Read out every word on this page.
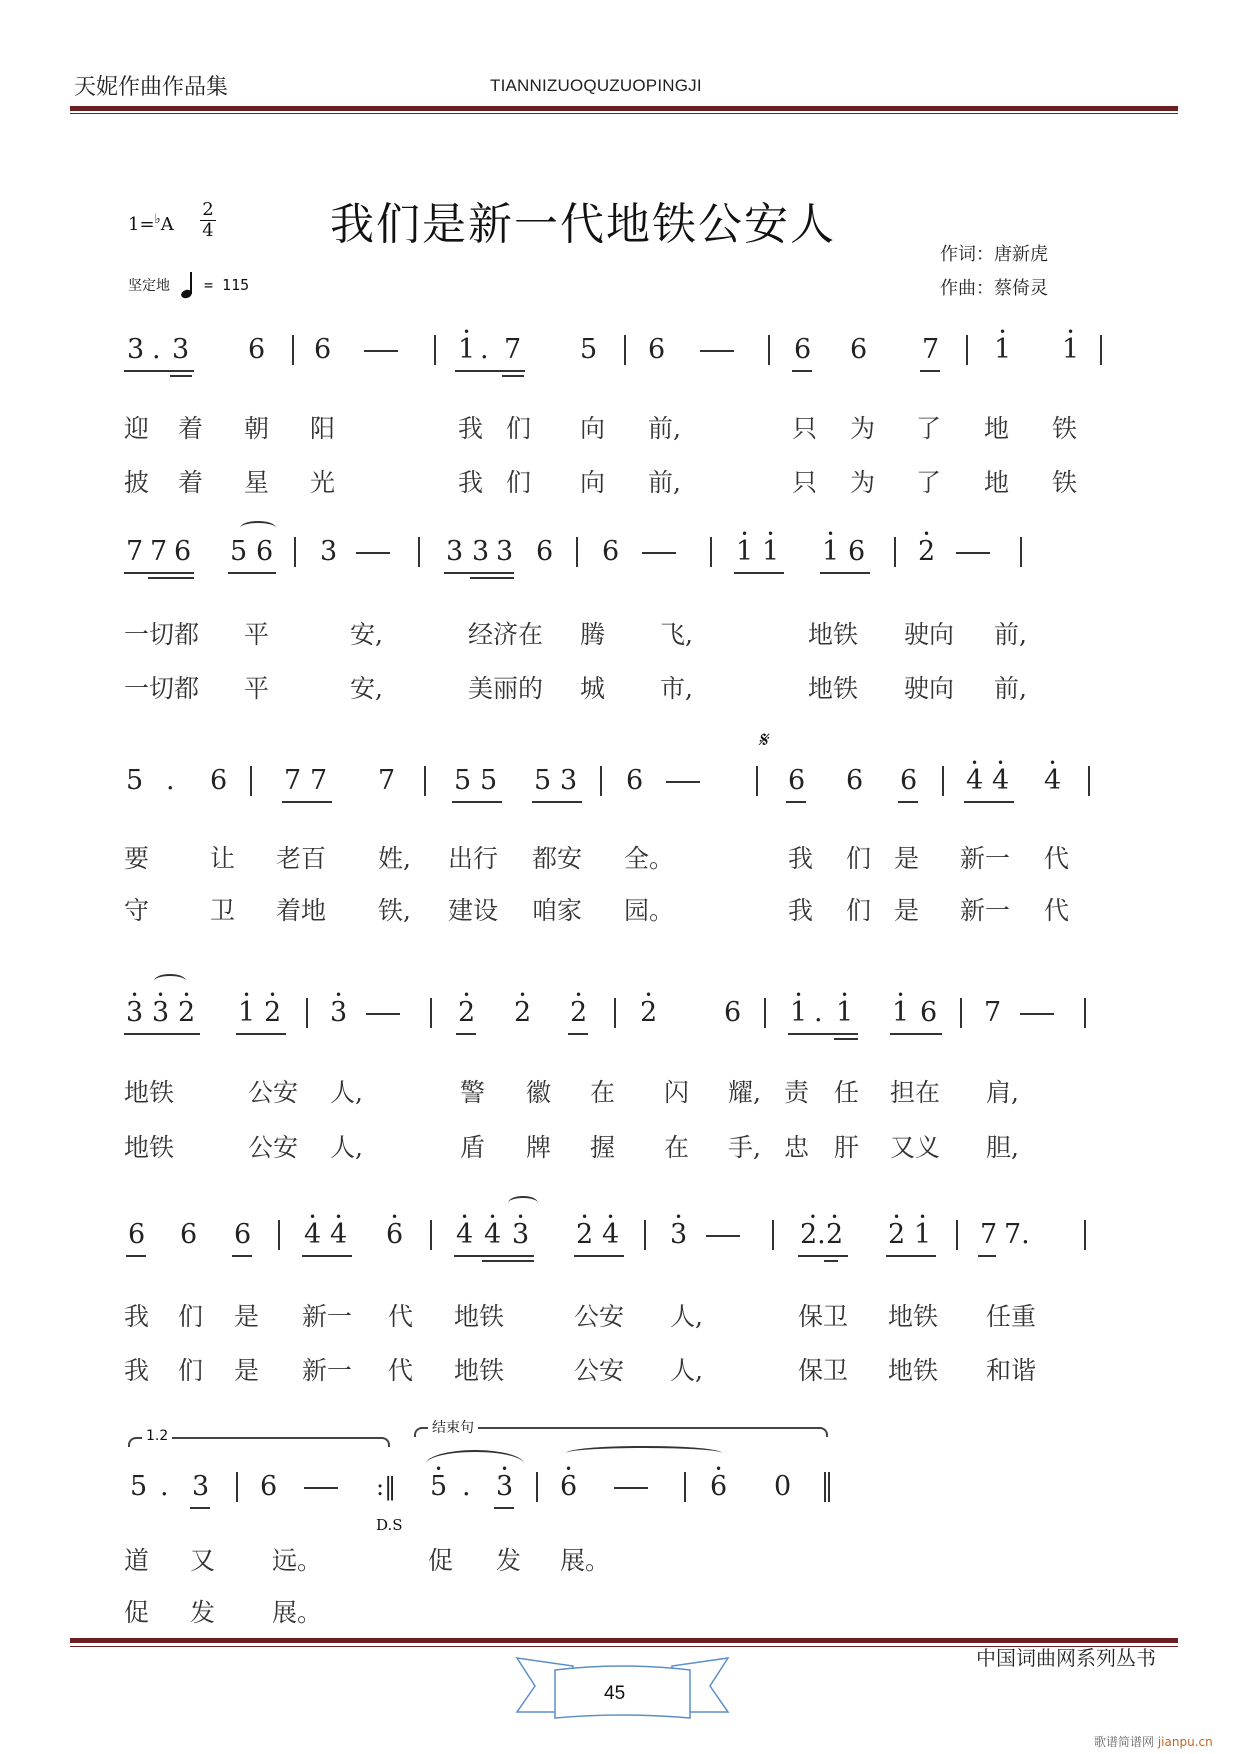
天妮作曲作品集	TIANNIZUOQUZUOPINGJI
我们是新一代地铁公安人
1=♭A
2
4
坚定地 = 115
作词：唐新虎
作曲：蔡倚灵
3 . 3 6 6	• 1 . 7 5 6	6 6 7 • 1 • 1

迎 着 朝 阳	我 们 向 前,	只 为 了 地 铁

披 着 星 光	我 们 向 前,	只 为 了 地 铁

7 7 6 5 6 3	3 3 3 6 6	• 1 • 1 • 1 6 • 2

一切都 平	安,	经济在 腾 飞,	地铁 驶向 前,

一切都 平	安,	美丽的 城 市,	地铁 驶向 前,

𝄋
5 . 6 7 7 7 5 5 5 3 6	6 6 6 • 4 • 4 • 4

要 让 老百 姓, 出行 都安 全。	我 们 是 新一 代

守 卫 着地 铁, 建设 咱家 园。	我 们 是 新一 代

• 3 • 3 • 2 • 1 • 2 • 3	• 2 • 2 • 2 • 2 6 • 1 . • 1 • 1 6 7

地铁	公安 人,	警 徽 在 闪 耀, 责 任 担在 肩,

地铁	公安 人,	盾 牌 握 在 手, 忠 肝 又义 胆,

6 6 6 • 4 • 4 • 6 • 4 • 4 • 3 • 2 • 4 • 3	• 2. • 2 • 2 • 1 7 7.

我 们 是 新一 代 地铁	公安 人,	保卫 地铁 任重

我 们 是 新一 代 地铁	公安 人,	保卫 地铁 和谐

1.2	结束句
5 . 3 6	:‖ • 5 . • 3 • 6	• 6 0
D.S

道 又 远。	促 发 展。

促 发 展。

中国词曲网系列丛书
45
歌谱简谱网 jianpu.cn
